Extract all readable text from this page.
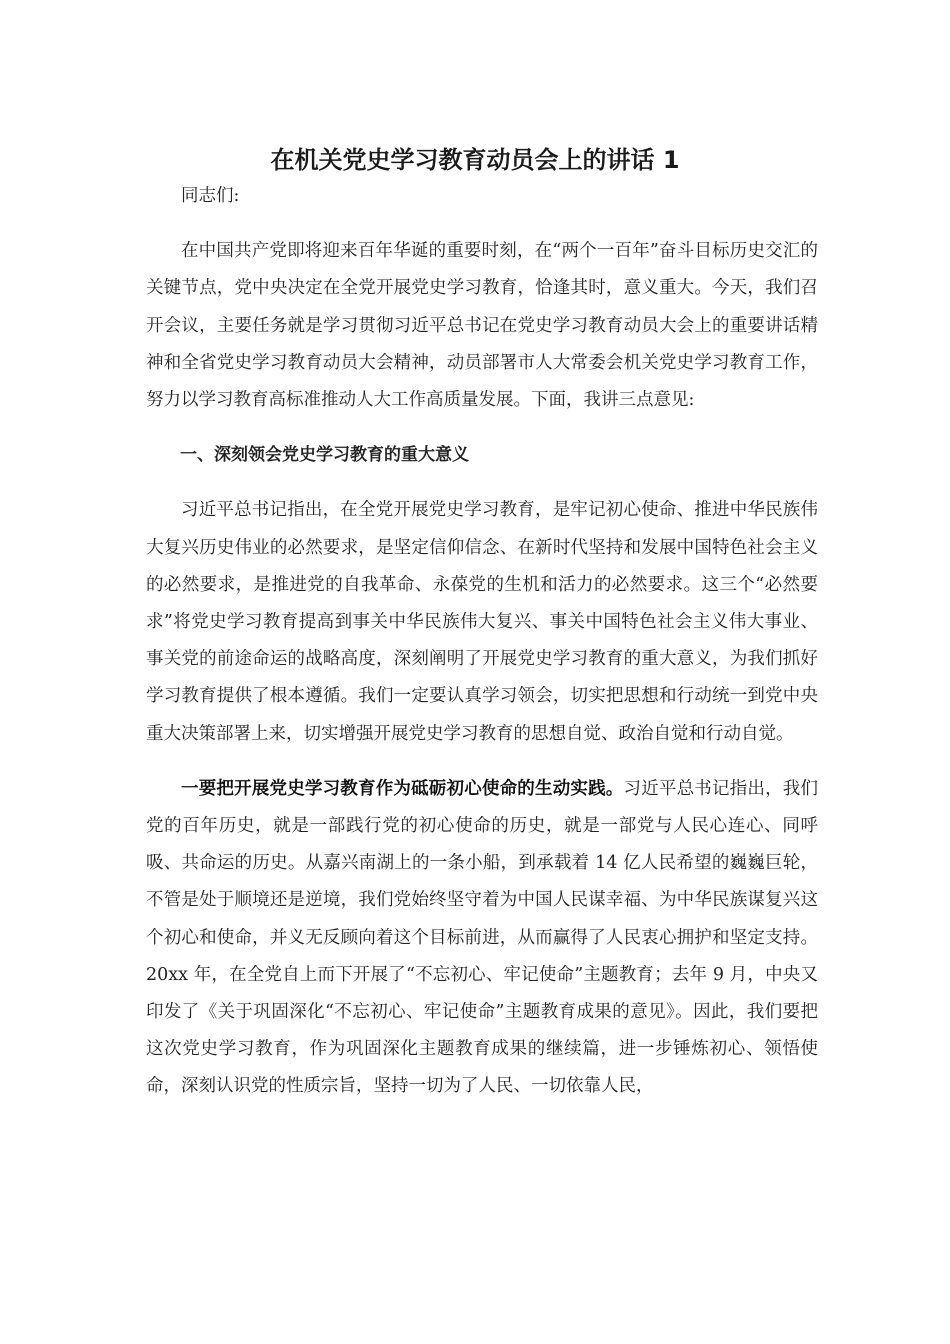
在机关党史学习教育动员会上的讲话 1

同志们:

在中国共产党即将迎来百年华诞的重要时刻，在“两个一百年”奋斗目标历史交汇的关键节点，党中央决定在全党开展党史学习教育，恰逢其时，意义重大。今天，我们召开会议，主要任务就是学习贯彻习近平总书记在党史学习教育动员大会上的重要讲话精神和全省党史学习教育动员大会精神，动员部署市人大常委会机关党史学习教育工作，努力以学习教育高标准推动人大工作高质量发展。下面，我讲三点意见:

一、深刻领会党史学习教育的重大意义

习近平总书记指出，在全党开展党史学习教育，是牢记初心使命、推进中华民族伟大复兴历史伟业的必然要求，是坚定信仰信念、在新时代坚持和发展中国特色社会主义的必然要求，是推进党的自我革命、永葆党的生机和活力的必然要求。这三个“必然要求”将党史学习教育提高到事关中华民族伟大复兴、事关中国特色社会主义伟大事业、事关党的前途命运的战略高度，深刻阐明了开展党史学习教育的重大意义，为我们抓好学习教育提供了根本遵循。我们一定要认真学习领会，切实把思想和行动统一到党中央重大决策部署上来，切实增强开展党史学习教育的思想自觉、政治自觉和行动自觉。

一要把开展党史学习教育作为砥砺初心使命的生动实践。习近平总书记指出，我们党的百年历史，就是一部践行党的初心使命的历史，就是一部党与人民心连心、同呼吸、共命运的历史。从嘉兴南湖上的一条小船，到承载着 14 亿人民希望的巍巍巨轮，不管是处于顺境还是逆境，我们党始终坚守着为中国人民谋幸福、为中华民族谋复兴这个初心和使命，并义无反顾向着这个目标前进，从而赢得了人民衷心拥护和坚定支持。20xx 年，在全党自上而下开展了“不忘初心、牢记使命”主题教育；去年 9 月，中央又印发了《关于巩固深化“不忘初心、牢记使命”主题教育成果的意见》。因此，我们要把这次党史学习教育，作为巩固深化主题教育成果的继续篇，进一步锤炼初心、领悟使命，深刻认识党的性质宗旨，坚持一切为了人民、一切依靠人民，
